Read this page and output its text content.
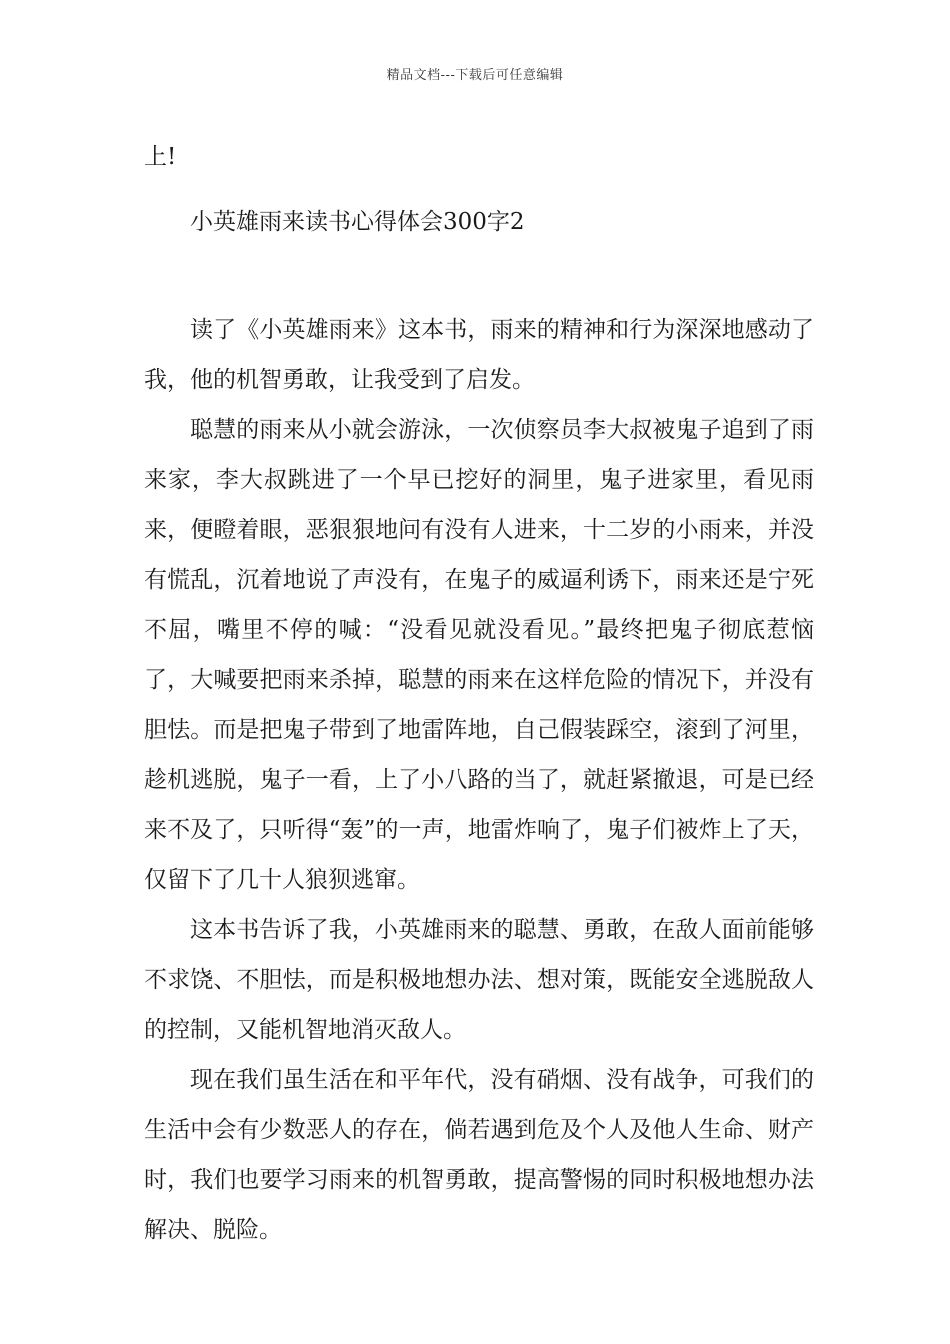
精品文档---下载后可任意编辑

上!

小英雄雨来读书心得体会300字2

读了《小英雄雨来》这本书，雨来的精神和行为深深地感动了我，他的机智勇敢，让我受到了启发。

聪慧的雨来从小就会游泳，一次侦察员李大叔被鬼子追到了雨来家，李大叔跳进了一个早已挖好的洞里，鬼子进家里，看见雨来，便瞪着眼，恶狠狠地问有没有人进来，十二岁的小雨来，并没有慌乱，沉着地说了声没有，在鬼子的威逼利诱下，雨来还是宁死不屈，嘴里不停的喊：“没看见就没看见。”最终把鬼子彻底惹恼了，大喊要把雨来杀掉，聪慧的雨来在这样危险的情况下，并没有胆怯。而是把鬼子带到了地雷阵地，自己假装踩空，滚到了河里，趁机逃脱，鬼子一看，上了小八路的当了，就赶紧撤退，可是已经来不及了，只听得“轰”的一声，地雷炸响了，鬼子们被炸上了天，仅留下了几十人狼狈逃窜。

这本书告诉了我，小英雄雨来的聪慧、勇敢，在敌人面前能够不求饶、不胆怯，而是积极地想办法、想对策，既能安全逃脱敌人的控制，又能机智地消灭敌人。

现在我们虽生活在和平年代，没有硝烟、没有战争，可我们的生活中会有少数恶人的存在，倘若遇到危及个人及他人生命、财产时，我们也要学习雨来的机智勇敢，提高警惕的同时积极地想办法解决、脱险。
